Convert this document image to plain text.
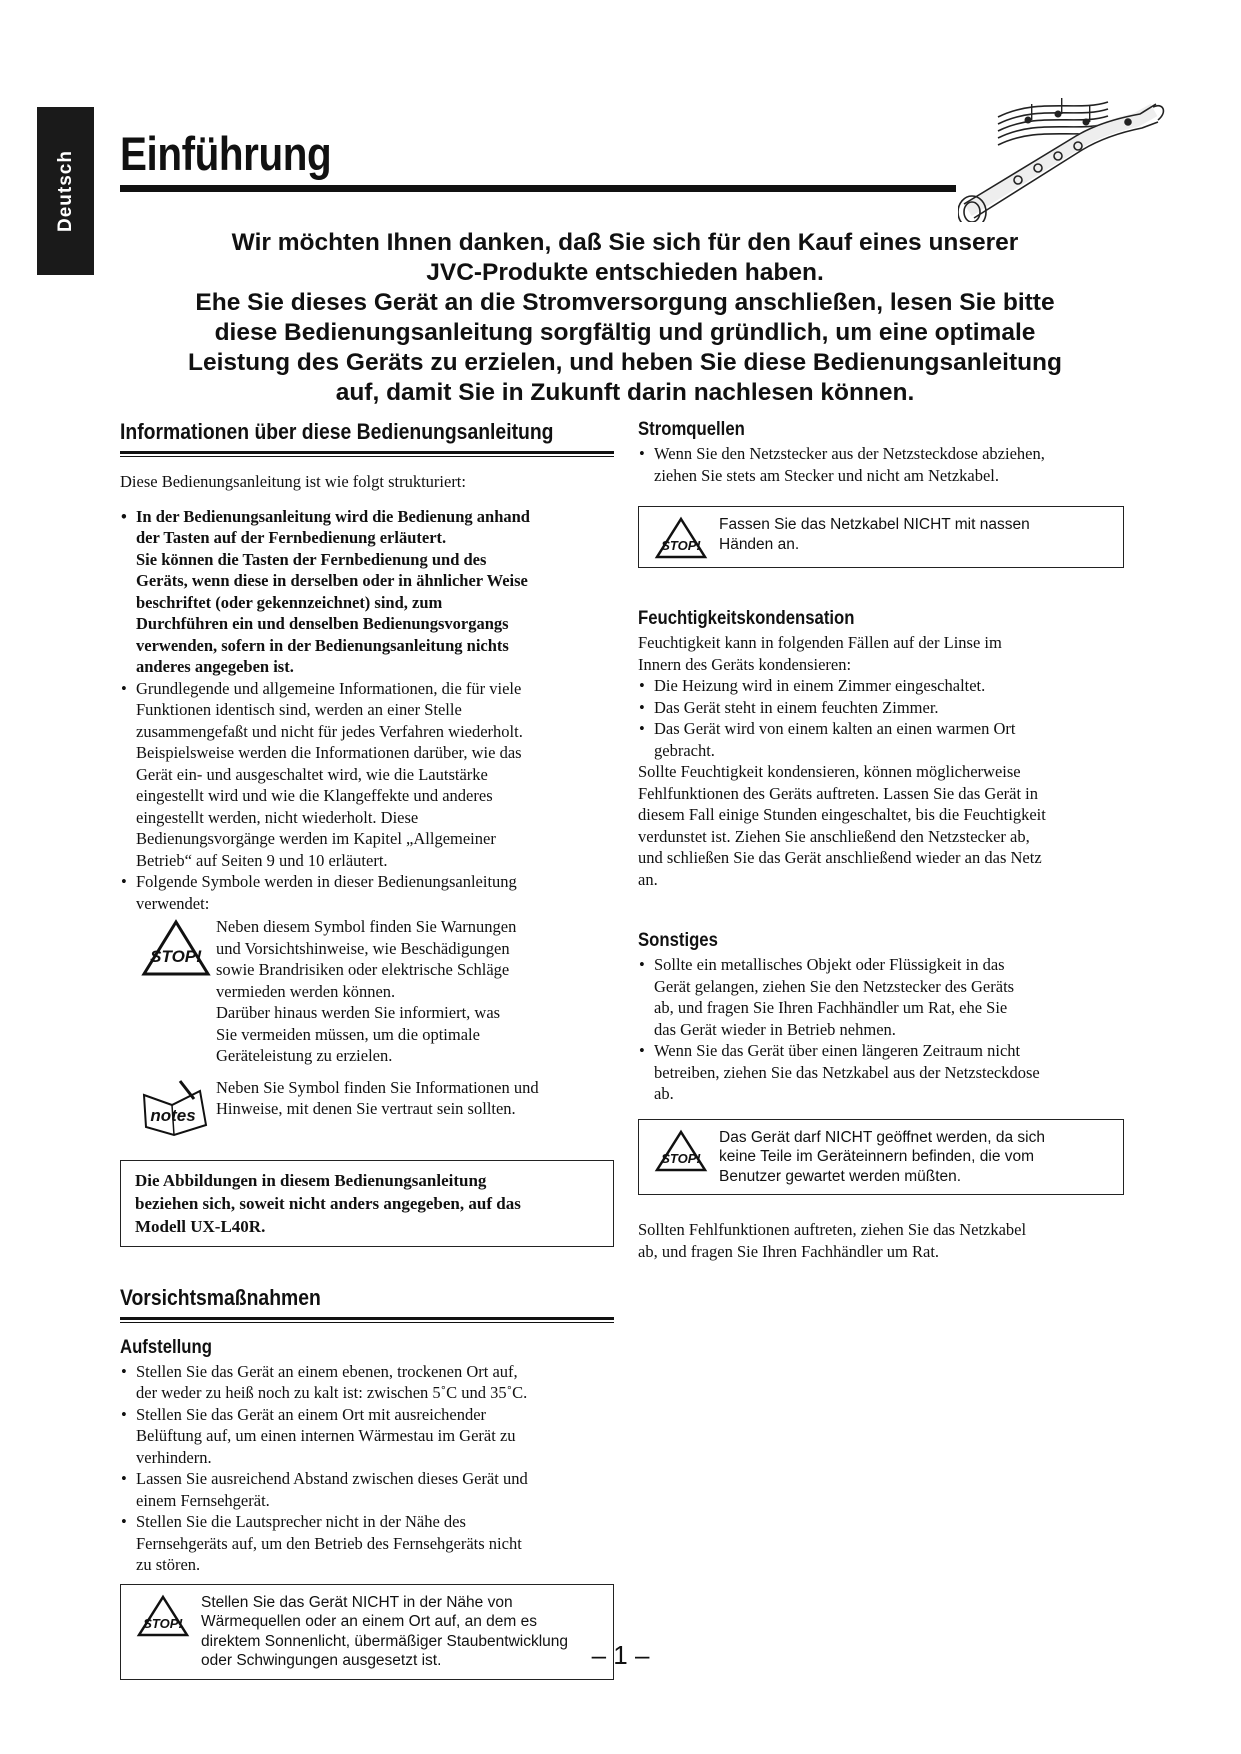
Deutsch Einführung

Wir möchten Ihnen danken, daß Sie sich für den Kauf eines unserer

JVC-Produkte entschieden haben.

Ehe Sie dieses Gerät an die Stromversorgung anschließen, lesen Sie bitte

diese Bedienungsanleitung sorgfältig und gründlich, um eine optimale

Leistung des Geräts zu erzielen, und heben Sie diese Bedienungsanleitung

auf, damit Sie in Zukunft darin nachlesen können.

Informationen über diese Bedienungsanleitung
Diese Bedienungsanleitung ist wie folgt strukturiert:
• In der Bedienungsanleitung wird die Bedienung anhand
der Tasten auf der Fernbedienung erläutert.
Sie können die Tasten der Fernbedienung und des
Geräts, wenn diese in derselben oder in ähnlicher Weise
beschriftet (oder gekennzeichnet) sind, zum
Durchführen ein und denselben Bedienungsvorgangs
verwenden, sofern in der Bedienungsanleitung nichts
anderes angegeben ist.
• Grundlegende und allgemeine Informationen, die für viele
Funktionen identisch sind, werden an einer Stelle
zusammengefaßt und nicht für jedes Verfahren wiederholt.
Beispielsweise werden die Informationen darüber, wie das
Gerät ein- und ausgeschaltet wird, wie die Lautstärke
eingestellt wird und wie die Klangeffekte und anderes
eingestellt werden, nicht wiederholt. Diese
Bedienungsvorgänge werden im Kapitel „Allgemeiner
Betrieb“ auf Seiten 9 und 10 erläutert.
• Folgende Symbole werden in dieser Bedienungsanleitung
verwendet:
STOP!
Neben diesem Symbol finden Sie Warnungen
und Vorsichtshinweise, wie Beschädigungen
sowie Brandrisiken oder elektrische Schläge
vermieden werden können.
Darüber hinaus werden Sie informiert, was
Sie vermeiden müssen, um die optimale
Geräteleistung zu erzielen.
notes
Neben Sie Symbol finden Sie Informationen und
Hinweise, mit denen Sie vertraut sein sollten.
Die Abbildungen in diesem Bedienungsanleitung
beziehen sich, soweit nicht anders angegeben, auf das
Modell UX-L40R.
Vorsichtsmaßnahmen
Aufstellung
• Stellen Sie das Gerät an einem ebenen, trockenen Ort auf,
der weder zu heiß noch zu kalt ist: zwischen 5˚C und 35˚C.
• Stellen Sie das Gerät an einem Ort mit ausreichender
Belüftung auf, um einen internen Wärmestau im Gerät zu
verhindern.
• Lassen Sie ausreichend Abstand zwischen dieses Gerät und
einem Fernsehgerät.
• Stellen Sie die Lautsprecher nicht in der Nähe des
Fernsehgeräts auf, um den Betrieb des Fernsehgeräts nicht
zu stören.
STOP!
Stellen Sie das Gerät NICHT in der Nähe von
Wärmequellen oder an einem Ort auf, an dem es
direktem Sonnenlicht, übermäßiger Staubentwicklung
oder Schwingungen ausgesetzt ist.
Stromquellen
• Wenn Sie den Netzstecker aus der Netzsteckdose abziehen,
ziehen Sie stets am Stecker und nicht am Netzkabel.
STOP!
Fassen Sie das Netzkabel NICHT mit nassen
Händen an.
Feuchtigkeitskondensation
Feuchtigkeit kann in folgenden Fällen auf der Linse im
Innern des Geräts kondensieren:
• Die Heizung wird in einem Zimmer eingeschaltet.
• Das Gerät steht in einem feuchten Zimmer.
• Das Gerät wird von einem kalten an einen warmen Ort
gebracht.
Sollte Feuchtigkeit kondensieren, können möglicherweise
Fehlfunktionen des Geräts auftreten. Lassen Sie das Gerät in
diesem Fall einige Stunden eingeschaltet, bis die Feuchtigkeit
verdunstet ist. Ziehen Sie anschließend den Netzstecker ab,
und schließen Sie das Gerät anschließend wieder an das Netz
an.
Sonstiges
• Sollte ein metallisches Objekt oder Flüssigkeit in das
Gerät gelangen, ziehen Sie den Netzstecker des Geräts
ab, und fragen Sie Ihren Fachhändler um Rat, ehe Sie
das Gerät wieder in Betrieb nehmen.
• Wenn Sie das Gerät über einen längeren Zeitraum nicht
betreiben, ziehen Sie das Netzkabel aus der Netzsteckdose
ab.
STOP!
Das Gerät darf NICHT geöffnet werden, da sich
keine Teile im Geräteinnern befinden, die vom
Benutzer gewartet werden müßten.
Sollten Fehlfunktionen auftreten, ziehen Sie das Netzkabel
ab, und fragen Sie Ihren Fachhändler um Rat.
– 1 –
